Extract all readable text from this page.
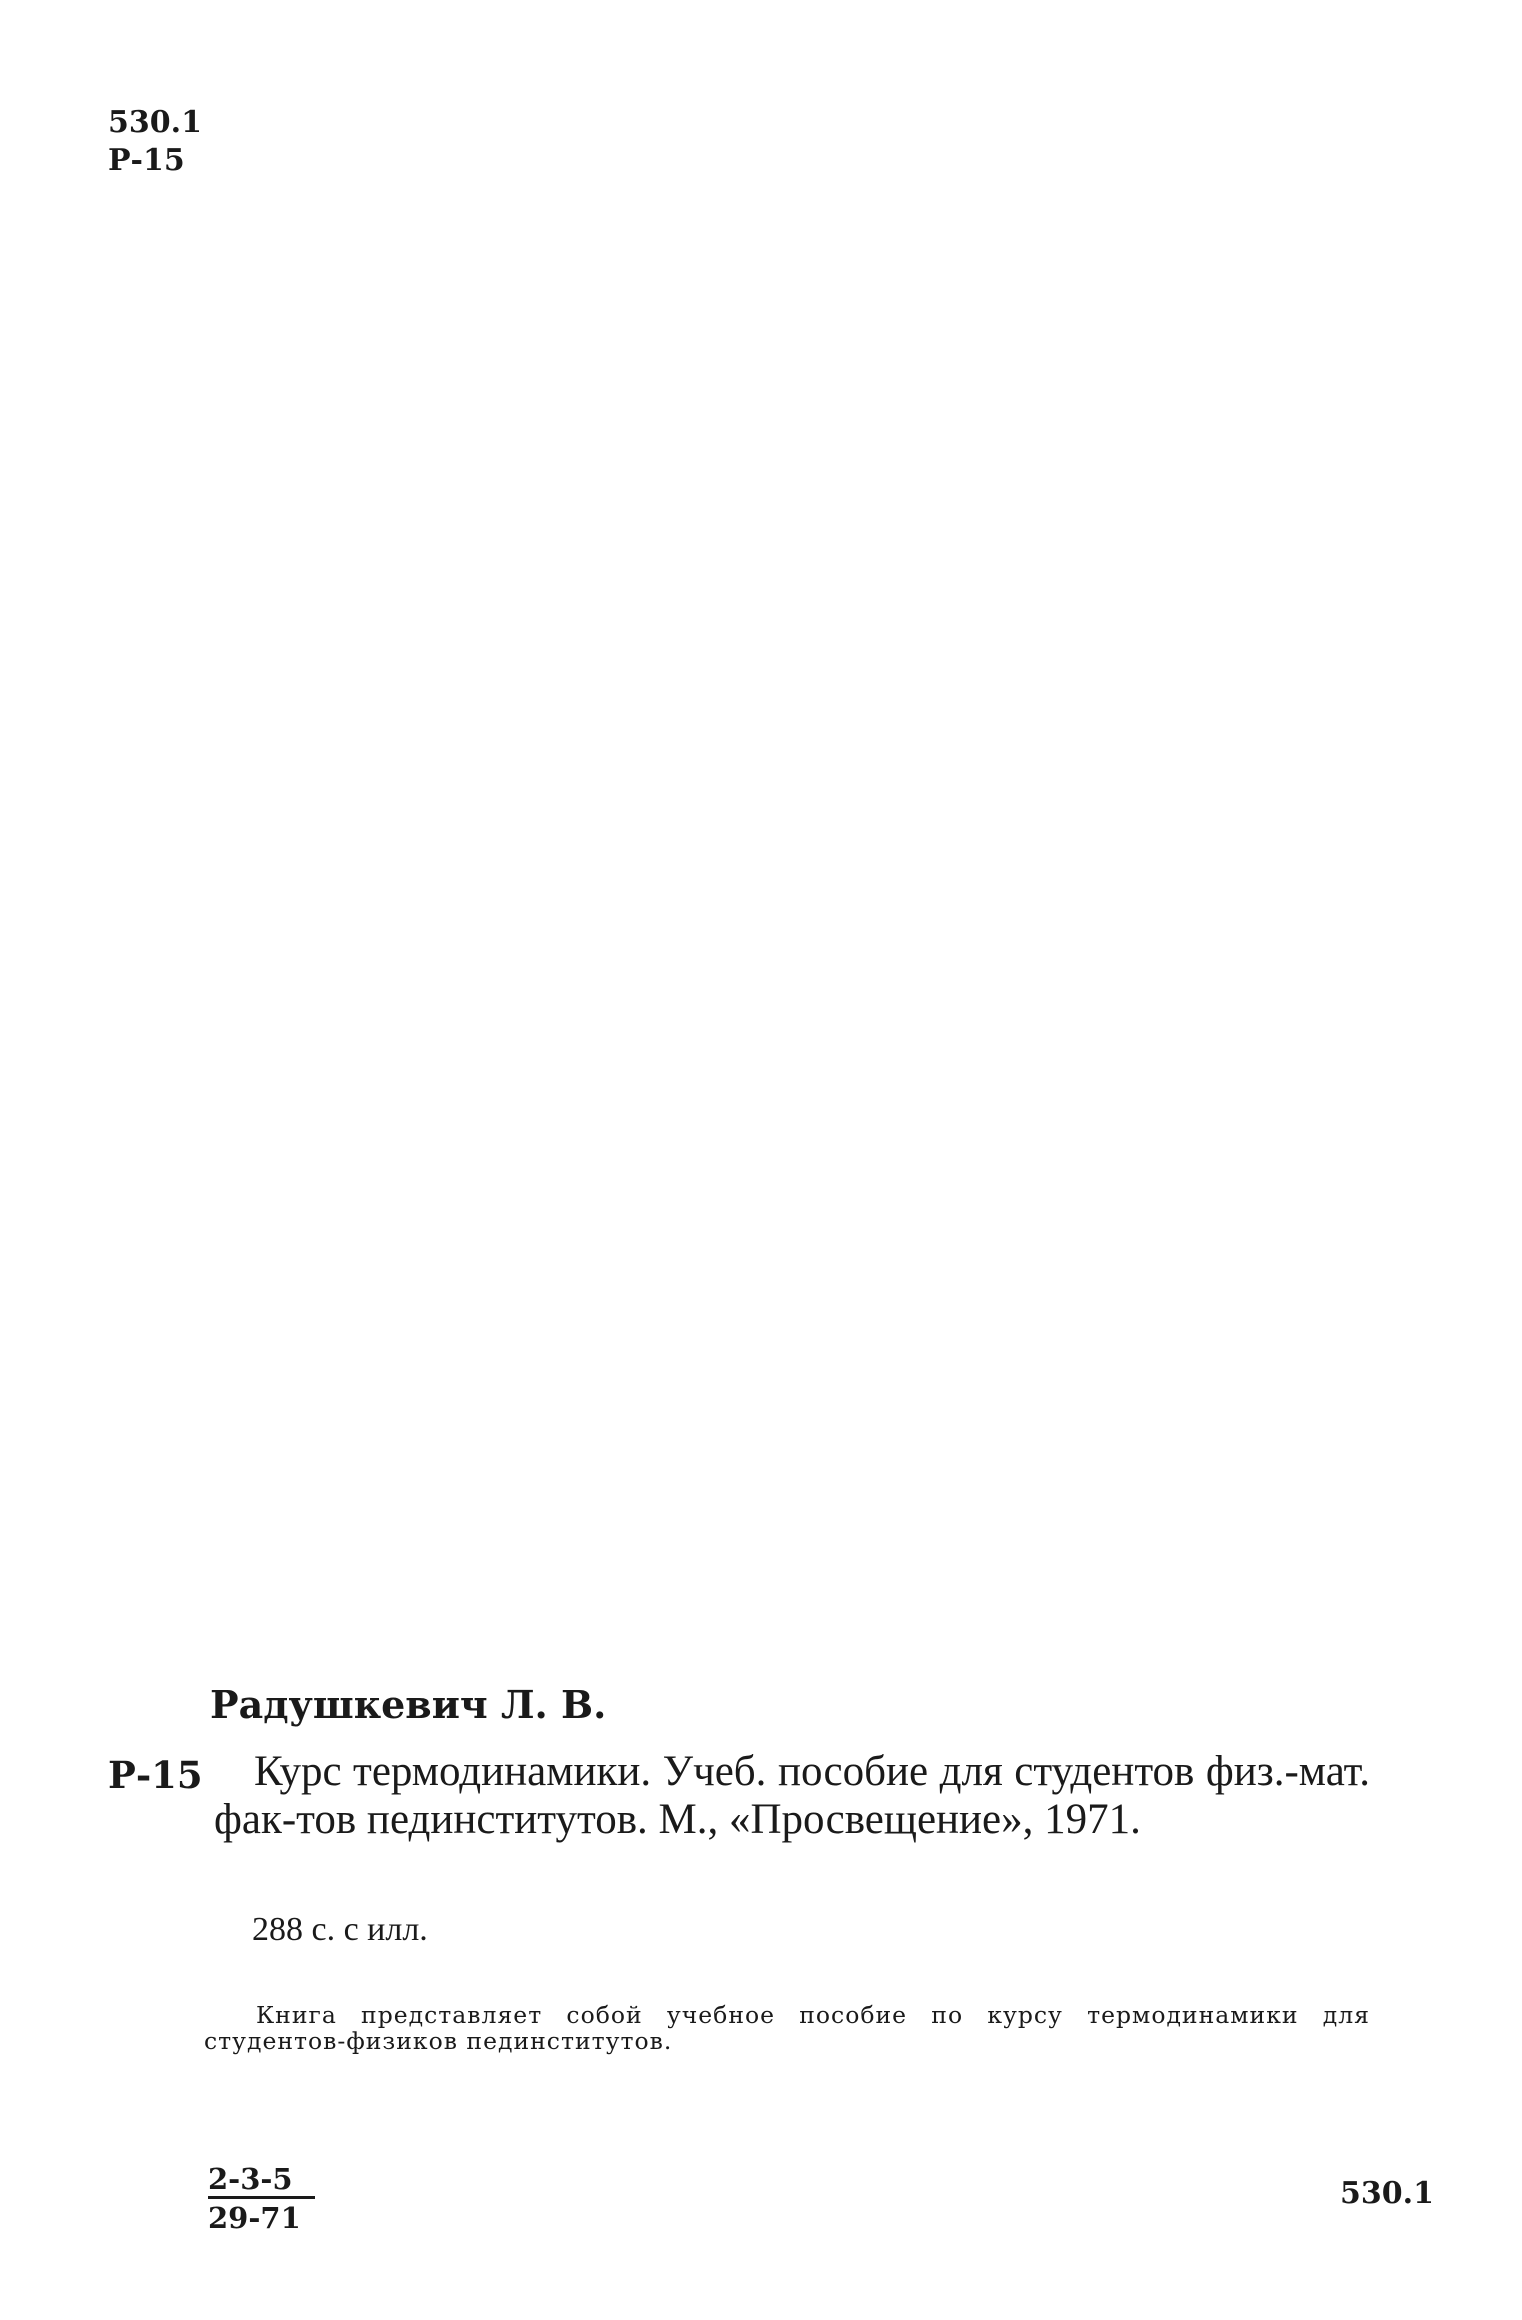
530.1
Р-15
Радушкевич Л. В.
Р-15	Курс термодинамики. Учеб. пособие для студентов физ.-мат. фак-тов пединститутов. М., «Просвещение», 1971.
288 с. с илл.
Книга представляет собой учебное пособие по курсу термодинамики для студентов-физиков пединститутов.
$\frac{2-3-5}{29-71}$	530.1
